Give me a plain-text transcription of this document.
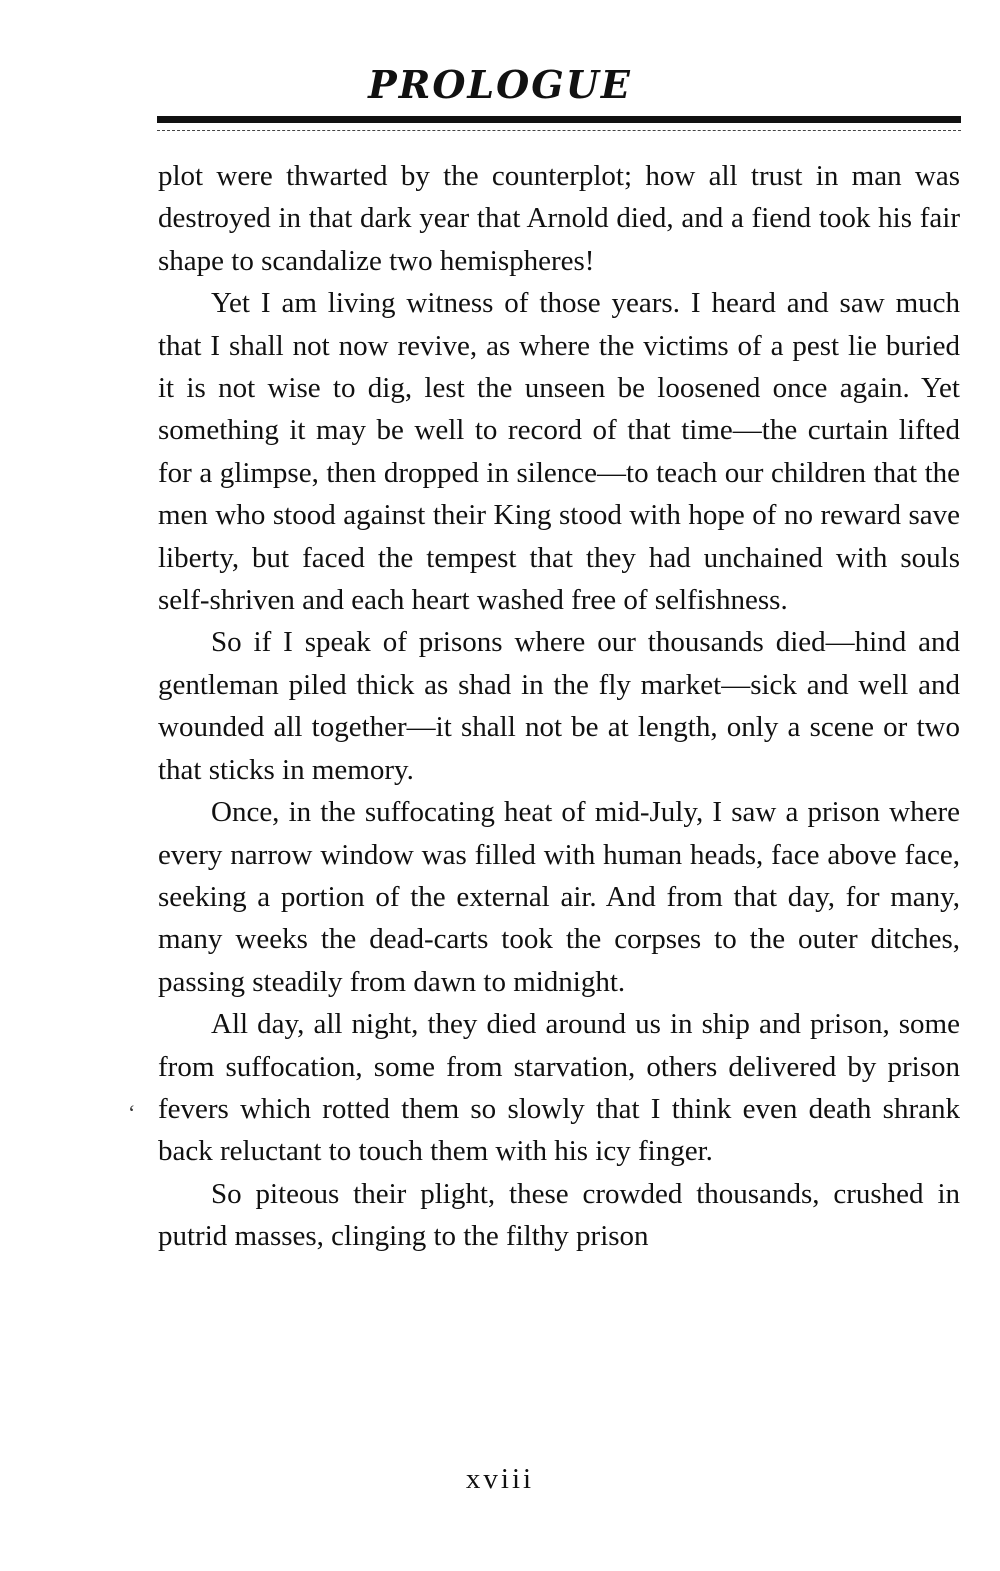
PROLOGUE

plot were thwarted by the counterplot; how all trust in man was destroyed in that dark year that Arnold died, and a fiend took his fair shape to scandalize two hemispheres!

Yet I am living witness of those years. I heard and saw much that I shall not now revive, as where the victims of a pest lie buried it is not wise to dig, lest the unseen be loosened once again. Yet something it may be well to record of that time—the curtain lifted for a glimpse, then dropped in silence—to teach our children that the men who stood against their King stood with hope of no reward save liberty, but faced the tempest that they had unchained with souls self-shriven and each heart washed free of selfishness.

So if I speak of prisons where our thousands died—hind and gentleman piled thick as shad in the fly market—sick and well and wounded all together—it shall not be at length, only a scene or two that sticks in memory.

Once, in the suffocating heat of mid-July, I saw a prison where every narrow window was filled with human heads, face above face, seeking a portion of the external air. And from that day, for many, many weeks the dead-carts took the corpses to the outer ditches, passing steadily from dawn to midnight.

All day, all night, they died around us in ship and prison, some from suffocation, some from starvation, others delivered by prison fevers which rotted them so slowly that I think even death shrank back reluctant to touch them with his icy finger.

So piteous their plight, these crowded thousands, crushed in putrid masses, clinging to the filthy prison

‘
xviii
